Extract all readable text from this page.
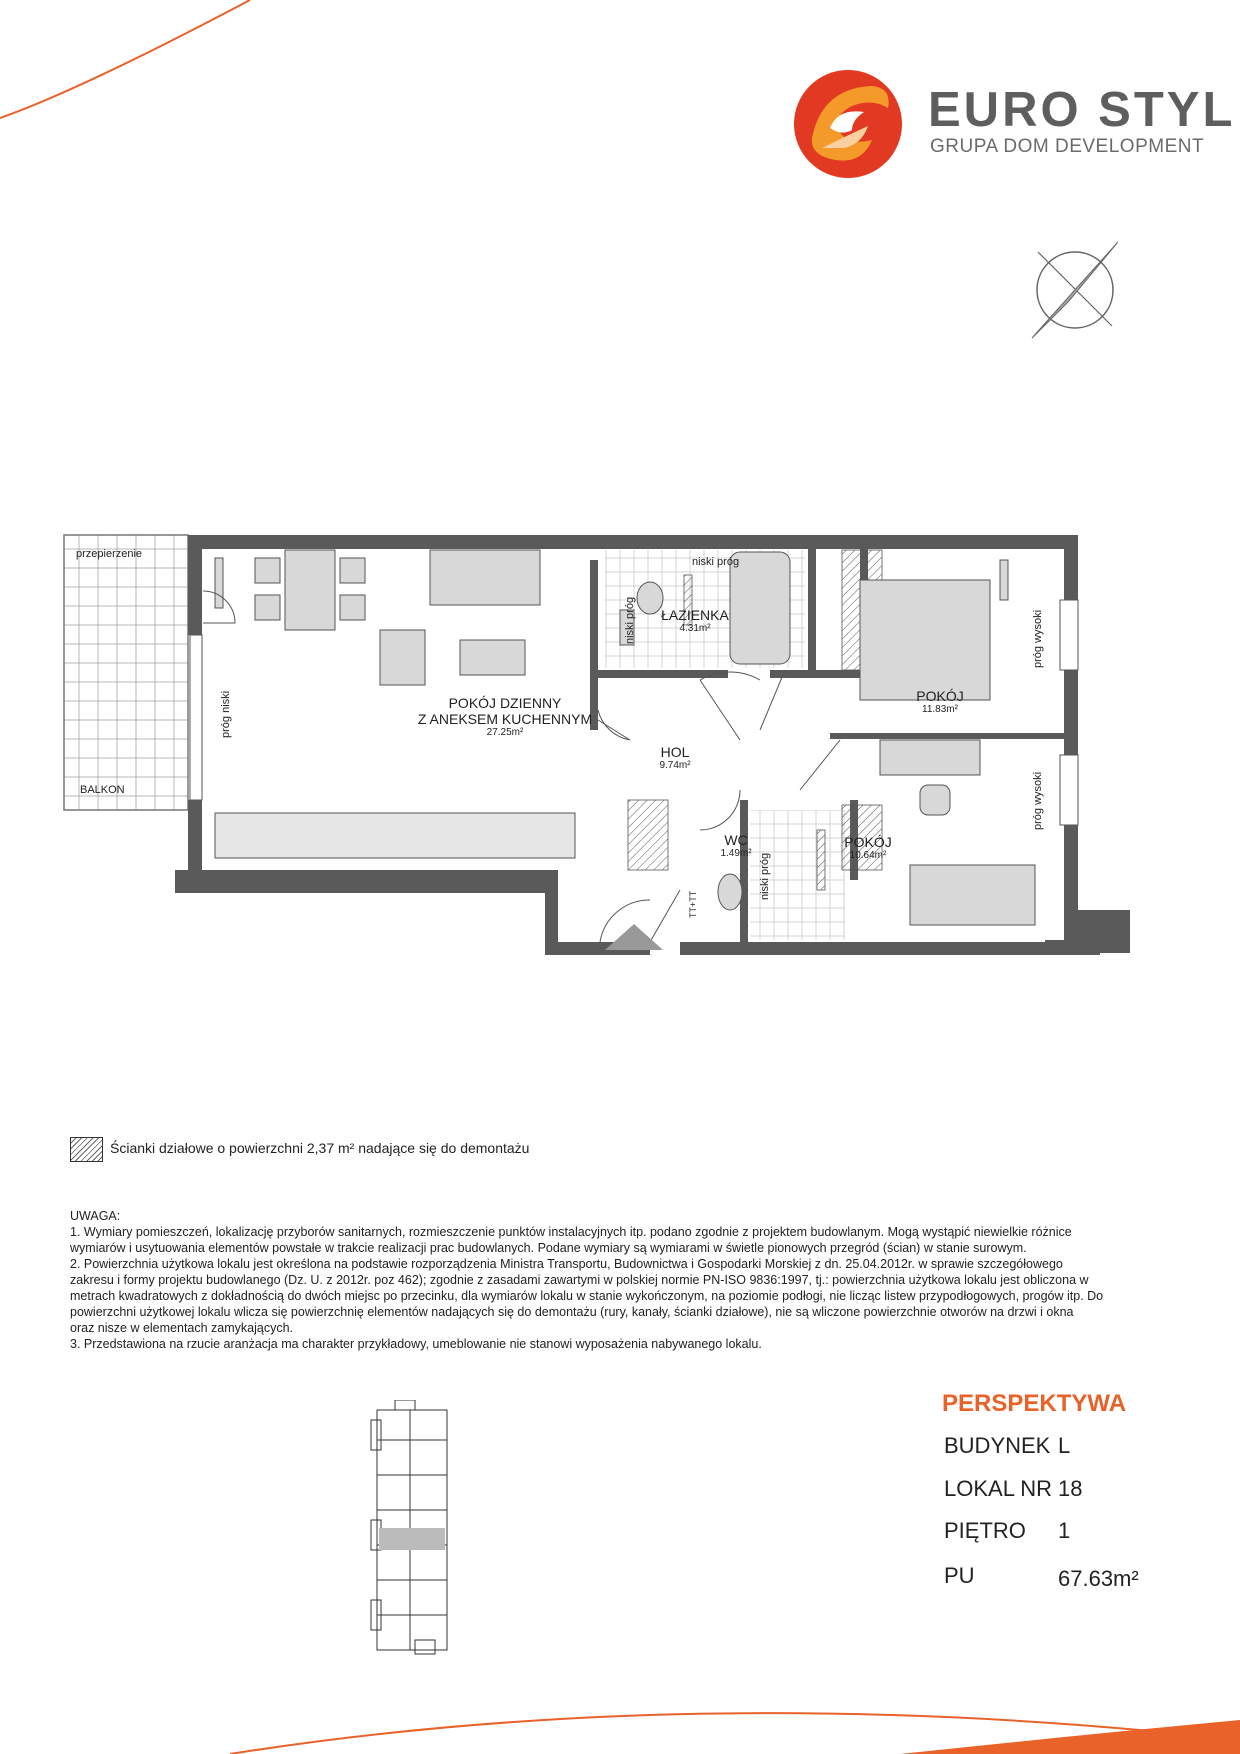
EURO STYL
GRUPA DOM DEVELOPMENT
przepierzenie
BALKON
próg niski
niski próg
niski próg
niski próg
próg wysoki
próg wysoki
TT+TT
POKÓJ DZIENNY
Z ANEKSEM KUCHENNYM
27.25m²
ŁAZIENKA
4.31m²
HOL
9.74m²
POKÓJ
11.83m²
POKÓJ
10.64m²
WC
1.49m²
Ścianki działowe o powierzchni 2,37 m² nadające się do demontażu
UWAGA:
1. Wymiary pomieszczeń, lokalizację przyborów sanitarnych, rozmieszczenie punktów instalacyjnych itp. podano zgodnie z projektem budowlanym. Mogą wystąpić niewielkie różnice
wymiarów i usytuowania elementów powstałe w trakcie realizacji prac budowlanych. Podane wymiary są wymiarami w świetle pionowych przegród (ścian) w stanie surowym.
2. Powierzchnia użytkowa lokalu jest określona na podstawie rozporządzenia Ministra Transportu, Budownictwa i Gospodarki Morskiej z dn. 25.04.2012r. w sprawie szczegółowego
zakresu i formy projektu budowlanego (Dz. U. z 2012r. poz 462); zgodnie z zasadami zawartymi w polskiej normie PN-ISO 9836:1997, tj.: powierzchnia użytkowa lokalu jest obliczona w
metrach kwadratowych z dokładnością do dwóch miejsc po przecinku, dla wymiarów lokalu w stanie wykończonym, na poziomie podłogi, nie licząc listew przypodłogowych, progów itp. Do
powierzchni użytkowej lokalu wlicza się powierzchnię elementów nadających się do demontażu (rury, kanały, ścianki działowe), nie są wliczone powierzchnie otworów na drzwi i okna
oraz nisze w elementach zamykających.
3. Przedstawiona na rzucie aranżacja ma charakter przykładowy, umeblowanie nie stanowi wyposażenia nabywanego lokalu.
PERSPEKTYWA
BUDYNEK L
LOKAL NR 18
PIĘTRO 1
PU	67.63m²
